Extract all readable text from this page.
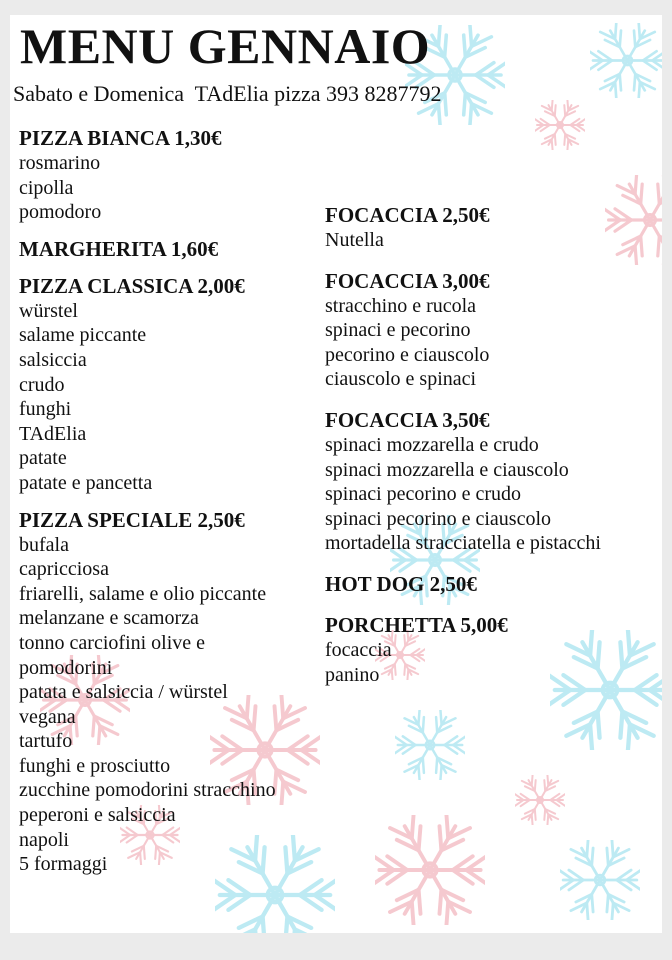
MENU GENNAIO
Sabato e Domenica  TAdElia pizza 393 8287792
PIZZA BIANCA 1,30€
rosmarino
cipolla
pomodoro
MARGHERITA 1,60€
PIZZA CLASSICA 2,00€
würstel
salame piccante
salsiccia
crudo
funghi
TAdElia
patate
patate e pancetta
PIZZA SPECIALE 2,50€
bufala
capricciosa
friarelli, salame e olio piccante
melanzane e scamorza
tonno carciofini olive e
pomodorini
patata e salsiccia / würstel
vegana
tartufo
funghi e prosciutto
zucchine pomodorini stracchino
peperoni e salsiccia
napoli
5 formaggi
FOCACCIA 2,50€
Nutella
FOCACCIA 3,00€
stracchino e rucola
spinaci e pecorino
pecorino e ciauscolo
ciauscolo e spinaci
FOCACCIA 3,50€
spinaci mozzarella e crudo
spinaci mozzarella e ciauscolo
spinaci pecorino e crudo
spinaci pecorino e ciauscolo
mortadella stracciatella e pistacchi
HOT DOG 2,50€
PORCHETTA 5,00€
focaccia
panino
